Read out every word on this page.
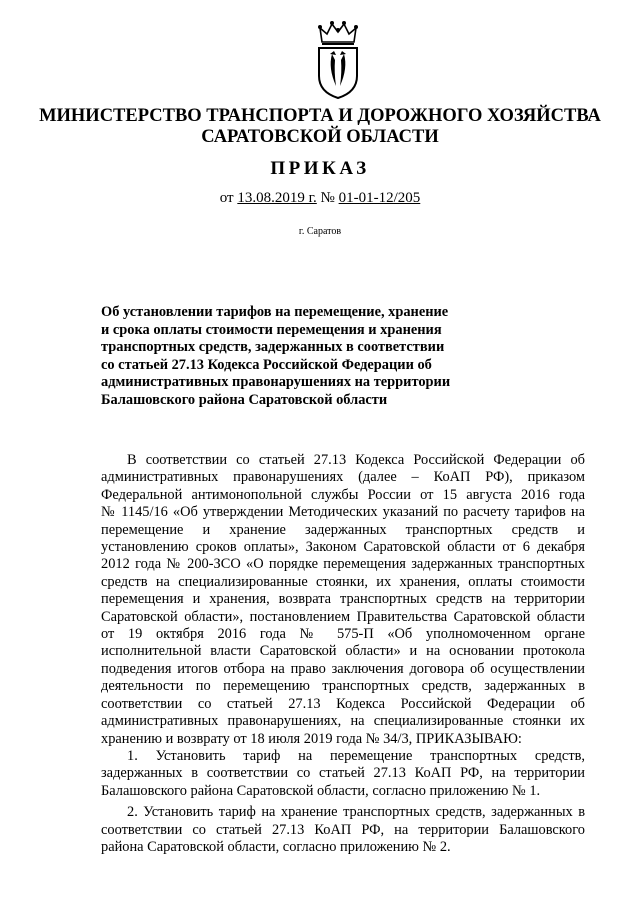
МИНИСТЕРСТВО ТРАНСПОРТА И ДОРОЖНОГО ХОЗЯЙСТВА
САРАТОВСКОЙ ОБЛАСТИ
ПРИКАЗ
от 13.08.2019 г. № 01-01-12/205
г. Саратов
Об установлении тарифов на перемещение, хранение
и срока оплаты стоимости перемещения и хранения
транспортных средств, задержанных в соответствии
со статьей 27.13 Кодекса Российской Федерации об
административных правонарушениях на территории
Балашовского района Саратовской области

В соответствии со статьей 27.13 Кодекса Российской Федерации об
административных правонарушениях (далее – КоАП РФ), приказом
Федеральной антимонопольной службы России от 15 августа 2016 года
№ 1145/16 «Об утверждении Методических указаний по расчету тарифов на
перемещение и хранение задержанных транспортных средств и
установлению сроков оплаты», Законом Саратовской области от 6 декабря
2012 года № 200-ЗСО «О порядке перемещения задержанных транспортных
средств на специализированные стоянки, их хранения, оплаты стоимости
перемещения и хранения, возврата транспортных средств на территории
Саратовской области», постановлением Правительства Саратовской области
от 19 октября 2016 года № 575-П «Об уполномоченном органе
исполнительной власти Саратовской области» и на основании протокола
подведения итогов отбора на право заключения договора об осуществлении
деятельности по перемещению транспортных средств, задержанных в
соответствии со статьей 27.13 Кодекса Российской Федерации об
административных правонарушениях, на специализированные стоянки их
хранению и возврату от 18 июля 2019 года № 34/3, ПРИКАЗЫВАЮ:

1. Установить тариф на перемещение транспортных средств,
задержанных в соответствии со статьей 27.13 КоАП РФ, на территории
Балашовского района Саратовской области, согласно приложению № 1.

2. Установить тариф на хранение транспортных средств, задержанных в
соответствии со статьей 27.13 КоАП РФ, на территории Балашовского
района Саратовской области, согласно приложению № 2.
